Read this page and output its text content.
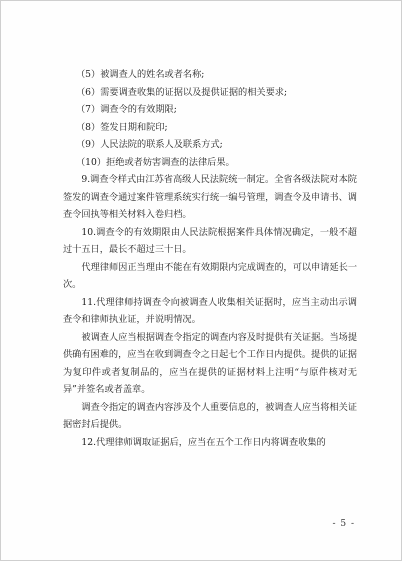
（5）被调查人的姓名或者名称;

（6）需要调查收集的证据以及提供证据的相关要求;

（7）调查令的有效期限;

（8）签发日期和院印;

（9）人民法院的联系人及联系方式;

（10）拒绝或者妨害调查的法律后果。

9.调查令样式由江苏省高级人民法院统一制定。全省各级法院对本院签发的调查令通过案件管理系统实行统一编号管理，调查令及申请书、调查令回执等相关材料入卷归档。

10.调查令的有效期限由人民法院根据案件具体情况确定，一般不超过十五日，最长不超过三十日。

代理律师因正当理由不能在有效期限内完成调查的，可以申请延长一次。

11.代理律师持调查令向被调查人收集相关证据时，应当主动出示调查令和律师执业证，并说明情况。

被调查人应当根据调查令指定的调查内容及时提供有关证据。当场提供确有困难的，应当在收到调查令之日起七个工作日内提供。提供的证据为复印件或者复制品的，应当在提供的证据材料上注明“与原件核对无异”并签名或者盖章。

调查令指定的调查内容涉及个人重要信息的，被调查人应当将相关证据密封后提供。

12.代理律师调取证据后，应当在五个工作日内将调查收集的

- 5 -
